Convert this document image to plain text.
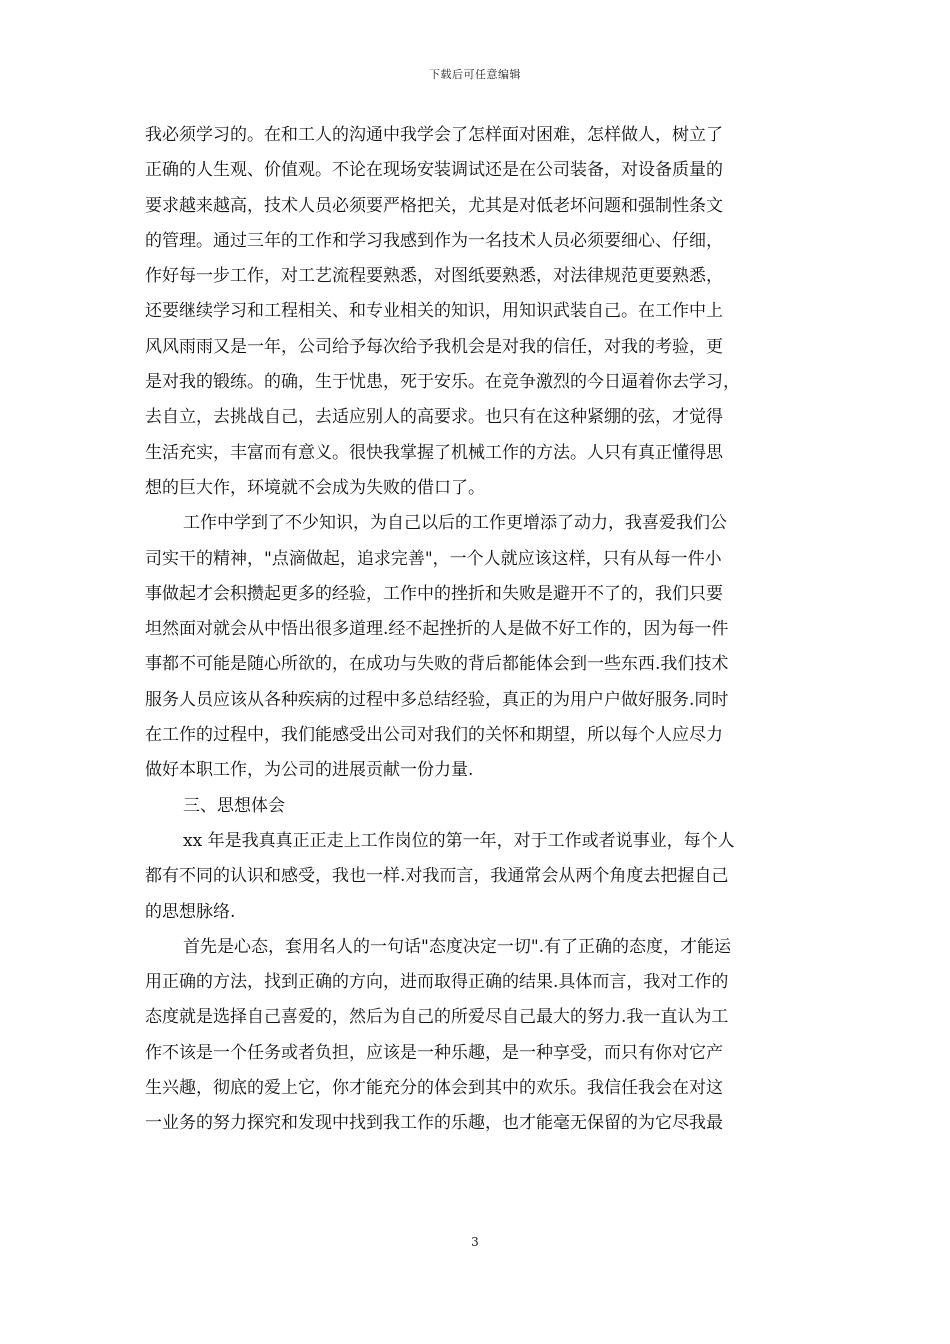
下载后可任意编辑
我必须学习的。在和工人的沟通中我学会了怎样面对困难，怎样做人，树立了
正确的人生观、价值观。不论在现场安装调试还是在公司装备，对设备质量的
要求越来越高，技术人员必须要严格把关，尤其是对低老坏问题和强制性条文
的管理。通过三年的工作和学习我感到作为一名技术人员必须要细心、仔细，
作好每一步工作，对工艺流程要熟悉，对图纸要熟悉，对法律规范更要熟悉，
还要继续学习和工程相关、和专业相关的知识，用知识武装自己。在工作中上
风风雨雨又是一年，公司给予每次给予我机会是对我的信任，对我的考验，更
是对我的锻练。的确，生于忧患，死于安乐。在竞争激烈的今日逼着你去学习，
去自立，去挑战自己，去适应别人的高要求。也只有在这种紧绷的弦，才觉得
生活充实，丰富而有意义。很快我掌握了机械工作的方法。人只有真正懂得思
想的巨大作，环境就不会成为失败的借口了。
工作中学到了不少知识，为自己以后的工作更增添了动力，我喜爱我们公
司实干的精神，"点滴做起，追求完善"，一个人就应该这样，只有从每一件小
事做起才会积攒起更多的经验，工作中的挫折和失败是避开不了的，我们只要
坦然面对就会从中悟出很多道理.经不起挫折的人是做不好工作的，因为每一件
事都不可能是随心所欲的，在成功与失败的背后都能体会到一些东西.我们技术
服务人员应该从各种疾病的过程中多总结经验，真正的为用户户做好服务.同时
在工作的过程中，我们能感受出公司对我们的关怀和期望，所以每个人应尽力
做好本职工作，为公司的进展贡献一份力量.
三、思想体会
xx 年是我真真正正走上工作岗位的第一年，对于工作或者说事业，每个人
都有不同的认识和感受，我也一样.对我而言，我通常会从两个角度去把握自己
的思想脉络.
首先是心态，套用名人的一句话"态度决定一切".有了正确的态度，才能运
用正确的方法，找到正确的方向，进而取得正确的结果.具体而言，我对工作的
态度就是选择自己喜爱的，然后为自己的所爱尽自己最大的努力.我一直认为工
作不该是一个任务或者负担，应该是一种乐趣，是一种享受，而只有你对它产
生兴趣，彻底的爱上它，你才能充分的体会到其中的欢乐。我信任我会在对这
一业务的努力探究和发现中找到我工作的乐趣，也才能毫无保留的为它尽我最
3
